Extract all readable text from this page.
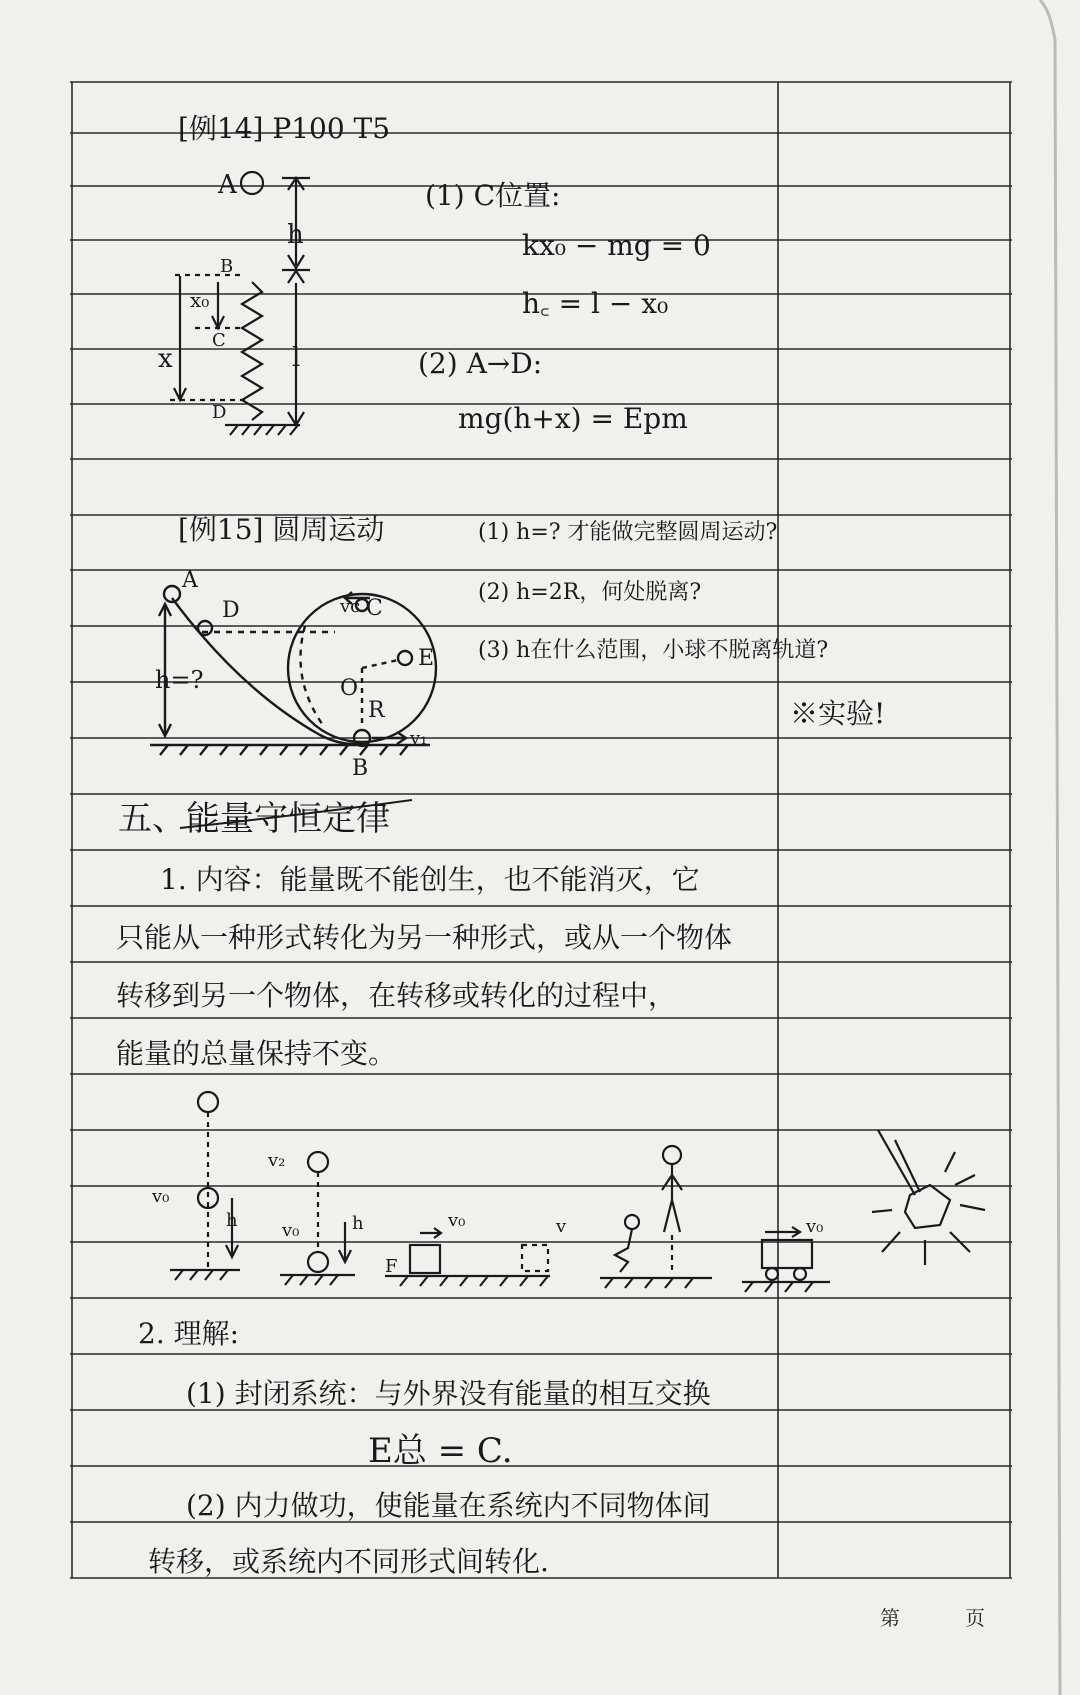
[例14] P100 T5
A
B
C
D
h
x₀
x	l
(1) C位置:
kx₀ − mg = 0
h꜀ = l − x₀
(2) A→D:
mg(h+x) = Epm
[例15] 圆周运动	(1) h=? 才能做完整圆周运动?
(2) h=2R，何处脱离?
(3) h在什么范围，小球不脱离轨道?
※实验!
A
D	vc C
E
O
R
B
v₁
h=?
五、能量守恒定律
1. 内容：能量既不能创生，也不能消灭，它
只能从一种形式转化为另一种形式，或从一个物体
转移到另一个物体，在转移或转化的过程中，
能量的总量保持不变。
v₀
h
v₂
v₀	h	v₀	v	v₀
F
2. 理解:
(1) 封闭系统：与外界没有能量的相互交换
E总 = C.
(2) 内力做功，使能量在系统内不同物体间
转移，或系统内不同形式间转化.
第	页
